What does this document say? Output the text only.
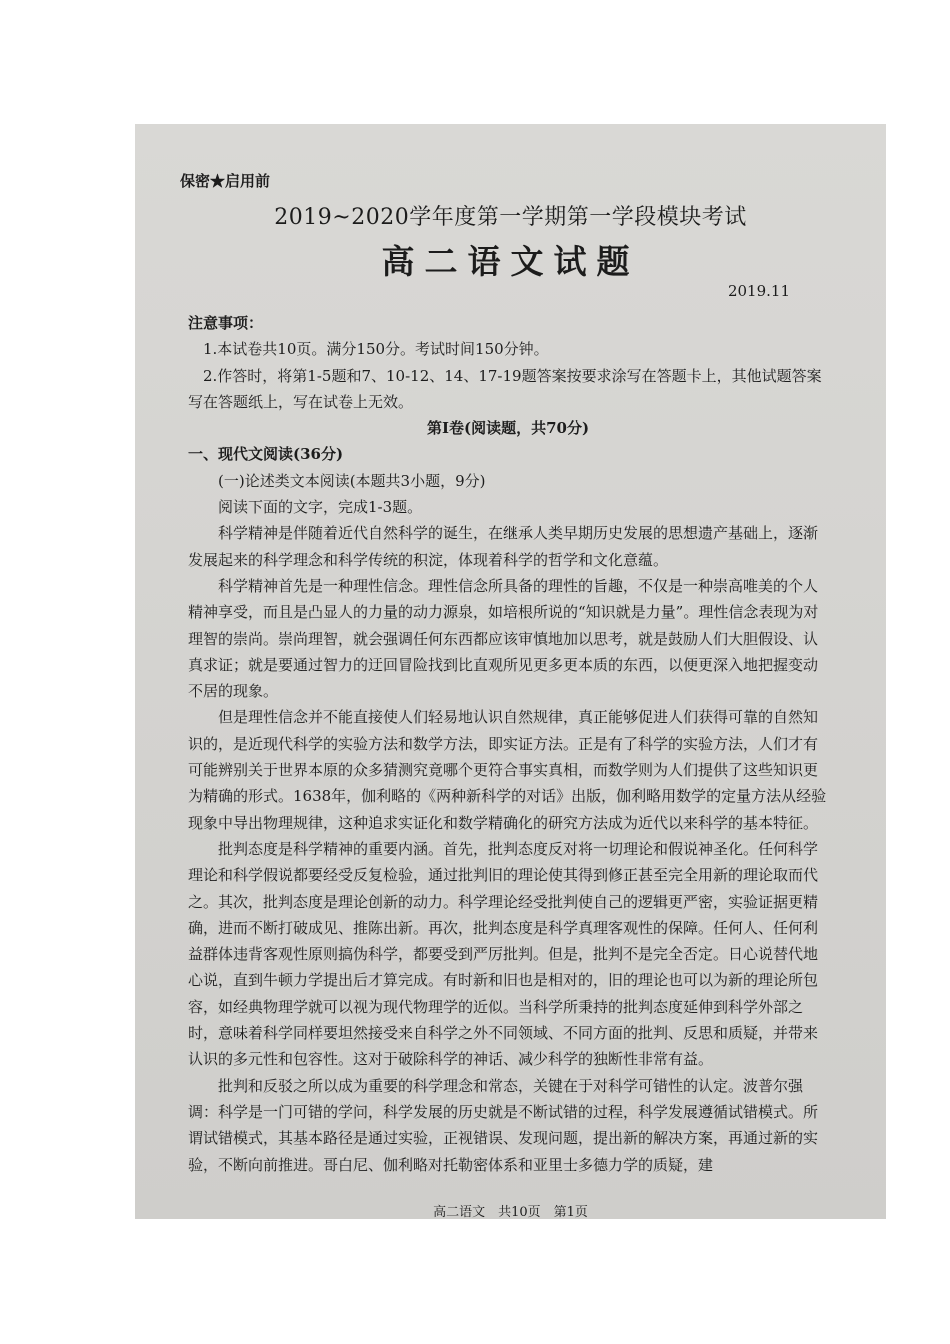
保密★启用前
2019~2020学年度第一学期第一学段模块考试
高二语文试题
2019.11

注意事项：

1.本试卷共10页。满分150分。考试时间150分钟。

2.作答时，将第1-5题和7、10-12、14、17-19题答案按要求涂写在答题卡上，其他试题答案写在答题纸上，写在试卷上无效。

第Ⅰ卷(阅读题，共70分)

一、现代文阅读(36分)

(一)论述类文本阅读(本题共3小题，9分)

阅读下面的文字，完成1-3题。

科学精神是伴随着近代自然科学的诞生，在继承人类早期历史发展的思想遗产基础上，逐渐发展起来的科学理念和科学传统的积淀，体现着科学的哲学和文化意蕴。

科学精神首先是一种理性信念。理性信念所具备的理性的旨趣，不仅是一种崇高唯美的个人 精神享受，而且是凸显人的力量的动力源泉，如培根所说的“知识就是力量”。理性信念表现为对理智的崇尚。崇尚理智，就会强调任何东西都应该审慎地加以思考，就是鼓励人们大胆假设、认真求证；就是要通过智力的迂回冒险找到比直观所见更多更本质的东西，以便更深入地把握变动不居的现象。

但是理性信念并不能直接使人们轻易地认识自然规律，真正能够促进人们获得可靠的自然知识的，是近现代科学的实验方法和数学方法，即实证方法。正是有了科学的实验方法，人们才有可能辨别关于世界本原的众多猜测究竟哪个更符合事实真相，而数学则为人们提供了这些知识更为精确的形式。1638年，伽利略的《两种新科学的对话》出版，伽利略用数学的定量方法从经验现象中导出物理规律，这种追求实证化和数学精确化的研究方法成为近代以来科学的基本特征。

批判态度是科学精神的重要内涵。首先，批判态度反对将一切理论和假说神圣化。任何科学理论和科学假说都要经受反复检验，通过批判旧的理论使其得到修正甚至完全用新的理论取而代之。其次，批判态度是理论创新的动力。科学理论经受批判使自己的逻辑更严密，实验证据更精确，进而不断打破成见、推陈出新。再次，批判态度是科学真理客观性的保障。任何人、任何利益群体违背客观性原则搞伪科学，都要受到严厉批判。但是，批判不是完全否定。日心说替代地心说，直到牛顿力学提出后才算完成。有时新和旧也是相对的，旧的理论也可以为新的理论所包容，如经典物理学就可以视为现代物理学的近似。当科学所秉持的批判态度延伸到科学外部之时，意味着科学同样要坦然接受来自科学之外不同领域、不同方面的批判、反思和质疑，并带来认识的多元性和包容性。这对于破除科学的神话、减少科学的独断性非常有益。

批判和反驳之所以成为重要的科学理念和常态，关键在于对科学可错性的认定。波普尔强调：科学是一门可错的学问，科学发展的历史就是不断试错的过程，科学发展遵循试错模式。所谓试错模式，其基本路径是通过实验，正视错误、发现问题，提出新的解决方案，再通过新的实验，不断向前推进。哥白尼、伽利略对托勒密体系和亚里士多德力学的质疑，建

高二语文　共10页　第1页
